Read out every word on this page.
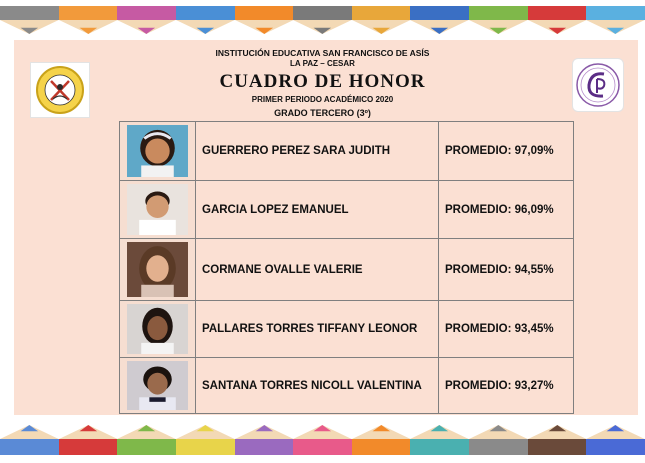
INSTITUCIÓN EDUCATIVA SAN FRANCISCO DE ASÍS
LA PAZ – CESAR
CUADRO DE HONOR
PRIMER PERIODO ACADÉMICO 2020
GRADO TERCERO (3º)
	GUERRERO PEREZ SARA JUDITH	PROMEDIO: 97,09%

	GARCIA LOPEZ EMANUEL	PROMEDIO: 96,09%

	CORMANE OVALLE VALERIE	PROMEDIO: 94,55%

	PALLARES TORRES TIFFANY LEONOR	PROMEDIO: 93,45%

	SANTANA TORRES NICOLL VALENTINA	PROMEDIO: 93,27%
